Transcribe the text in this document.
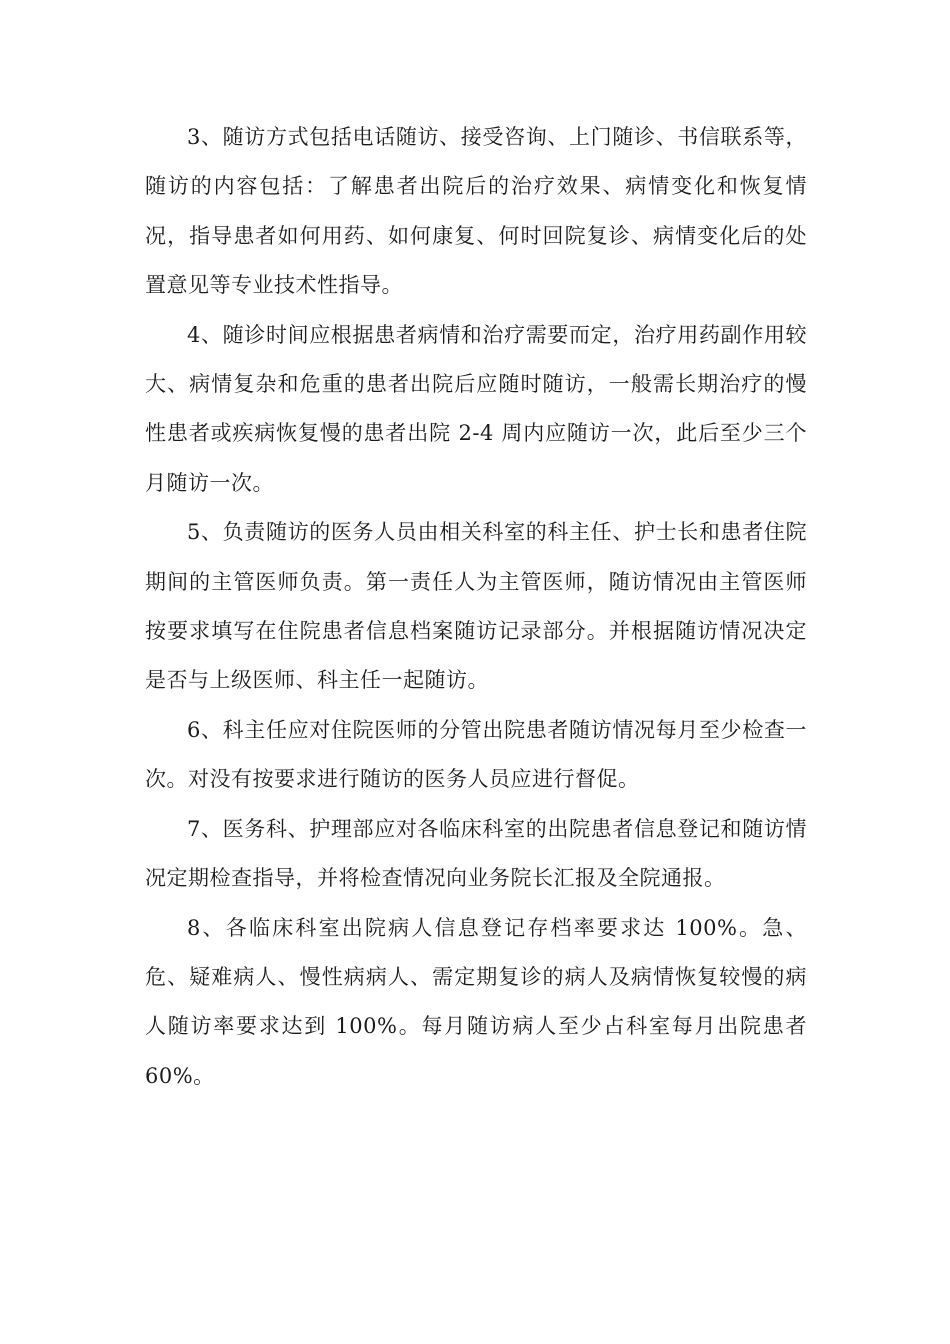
3、随访方式包括电话随访、接受咨询、上门随诊、书信联系等，随访的内容包括：了解患者出院后的治疗效果、病情变化和恢复情况，指导患者如何用药、如何康复、何时回院复诊、病情变化后的处置意见等专业技术性指导。

4、随诊时间应根据患者病情和治疗需要而定，治疗用药副作用较大、病情复杂和危重的患者出院后应随时随访，一般需长期治疗的慢性患者或疾病恢复慢的患者出院 2-4 周内应随访一次，此后至少三个月随访一次。

5、负责随访的医务人员由相关科室的科主任、护士长和患者住院期间的主管医师负责。第一责任人为主管医师，随访情况由主管医师按要求填写在住院患者信息档案随访记录部分。并根据随访情况决定是否与上级医师、科主任一起随访。

6、科主任应对住院医师的分管出院患者随访情况每月至少检查一次。对没有按要求进行随访的医务人员应进行督促。

7、医务科、护理部应对各临床科室的出院患者信息登记和随访情况定期检查指导，并将检查情况向业务院长汇报及全院通报。

8、各临床科室出院病人信息登记存档率要求达 100%。急、危、疑难病人、慢性病病人、需定期复诊的病人及病情恢复较慢的病人随访率要求达到 100%。每月随访病人至少占科室每月出院患者 60%。
